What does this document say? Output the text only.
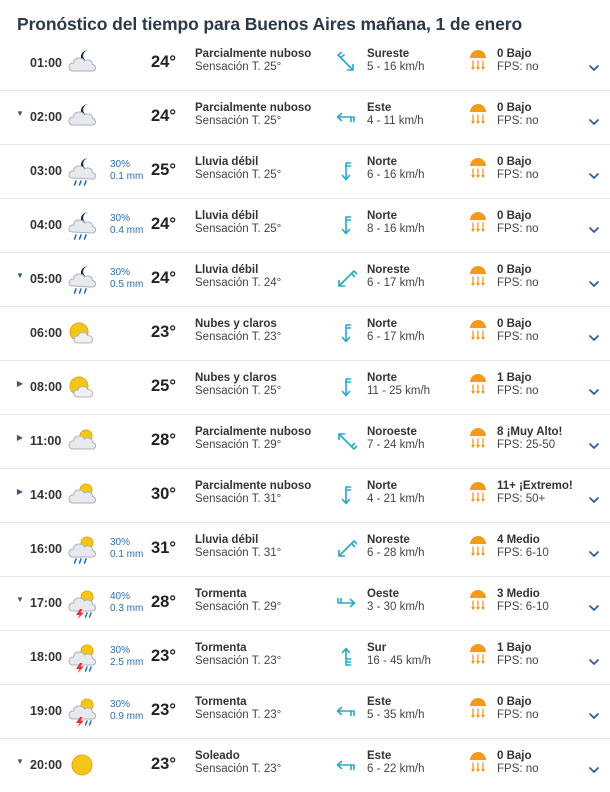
Pronóstico del tiempo para Buenos Aires mañana, 1 de enero
01:00	24° Parcialmente nuboso
Sensación T. 25°
Sureste
5 - 16 km/h
0 Bajo
FPS: no
▼ 02:00	24° Parcialmente nuboso
Sensación T. 25°
Este
4 - 11 km/h
0 Bajo
FPS: no
03:00	30%
0.1 mm 25° Lluvia débil
Sensación T. 25°
Norte
6 - 16 km/h
0 Bajo
FPS: no
04:00	30%
0.4 mm 24° Lluvia débil
Sensación T. 25°
Norte
8 - 16 km/h
0 Bajo
FPS: no
▼ 05:00	30%
0.5 mm 24° Lluvia débil
Sensación T. 24°
Noreste
6 - 17 km/h
0 Bajo
FPS: no
06:00	23° Nubes y claros
Sensación T. 23°
Norte
6 - 17 km/h
0 Bajo
FPS: no
▶ 08:00	25° Nubes y claros
Sensación T. 25°
Norte
11 - 25 km/h
1 Bajo
FPS: no
▶ 11:00	28° Parcialmente nuboso
Sensación T. 29°
Noroeste
7 - 24 km/h
8 ¡Muy Alto!
FPS: 25-50
▶ 14:00	30° Parcialmente nuboso
Sensación T. 31°
Norte
4 - 21 km/h
11+ ¡Extremo!
FPS: 50+
16:00	30%
0.1 mm 31° Lluvia débil
Sensación T. 31°
Noreste
6 - 28 km/h
4 Medio
FPS: 6-10
▼ 17:00	40%
0.3 mm 28° Tormenta
Sensación T. 29°
Oeste
3 - 30 km/h
3 Medio
FPS: 6-10
18:00	30%
2.5 mm 23° Tormenta
Sensación T. 23°
Sur
16 - 45 km/h
1 Bajo
FPS: no
19:00	30%
0.9 mm 23° Tormenta
Sensación T. 23°
Este
5 - 35 km/h
0 Bajo
FPS: no
▼ 20:00	23° Soleado
Sensación T. 23°
Este
6 - 22 km/h
0 Bajo
FPS: no
